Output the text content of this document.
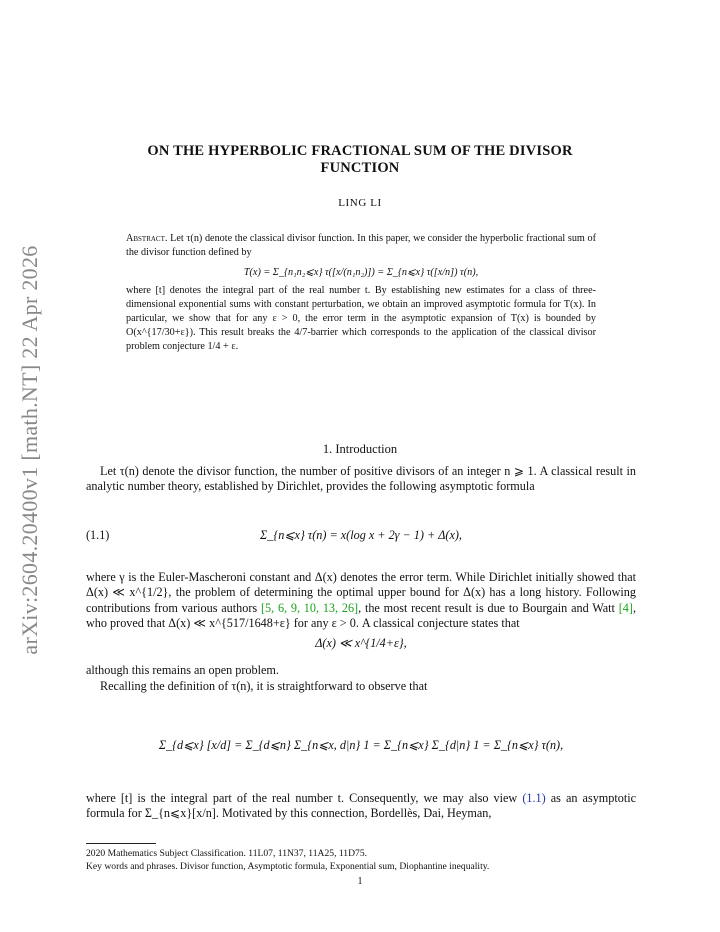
arXiv:2604.20400v1 [math.NT] 22 Apr 2026
ON THE HYPERBOLIC FRACTIONAL SUM OF THE DIVISOR
FUNCTION
LING LI
Abstract. Let τ(n) denote the classical divisor function. In this paper, we consider the hyperbolic fractional sum of the divisor function defined by
T(x) = Σ_{n₁n₂⩽x} τ([x/(n₁n₂)]) = Σ_{n⩽x} τ([x/n]) τ(n),
where [t] denotes the integral part of the real number t. By establishing new estimates for a class of three-dimensional exponential sums with constant perturbation, we obtain an improved asymptotic formula for T(x). In particular, we show that for any ε > 0, the error term in the asymptotic expansion of T(x) is bounded by O(x^{17/30+ε}). This result breaks the 4/7-barrier which corresponds to the application of the classical divisor problem conjecture 1/4 + ε.
1. Introduction
Let τ(n) denote the divisor function, the number of positive divisors of an integer n ⩾ 1. A classical result in analytic number theory, established by Dirichlet, provides the following asymptotic formula
(1.1)	Σ_{n⩽x} τ(n) = x(log x + 2γ − 1) + Δ(x),
where γ is the Euler-Mascheroni constant and Δ(x) denotes the error term. While Dirichlet initially showed that Δ(x) ≪ x^{1/2}, the problem of determining the optimal upper bound for Δ(x) has a long history. Following contributions from various authors [5, 6, 9, 10, 13, 26], the most recent result is due to Bourgain and Watt [4], who proved that Δ(x) ≪ x^{517/1648+ε} for any ε > 0. A classical conjecture states that
Δ(x) ≪ x^{1/4+ε},
although this remains an open problem.
Recalling the definition of τ(n), it is straightforward to observe that
Σ_{d⩽x} [x/d] = Σ_{d⩽n} Σ_{n⩽x, d|n} 1 = Σ_{n⩽x} Σ_{d|n} 1 = Σ_{n⩽x} τ(n),
where [t] is the integral part of the real number t. Consequently, we may also view (1.1) as an asymptotic formula for Σ_{n⩽x}[x/n]. Motivated by this connection, Bordellès, Dai, Heyman,
2020 Mathematics Subject Classification. 11L07, 11N37, 11A25, 11D75.
Key words and phrases. Divisor function, Asymptotic formula, Exponential sum, Diophantine inequality.
1
